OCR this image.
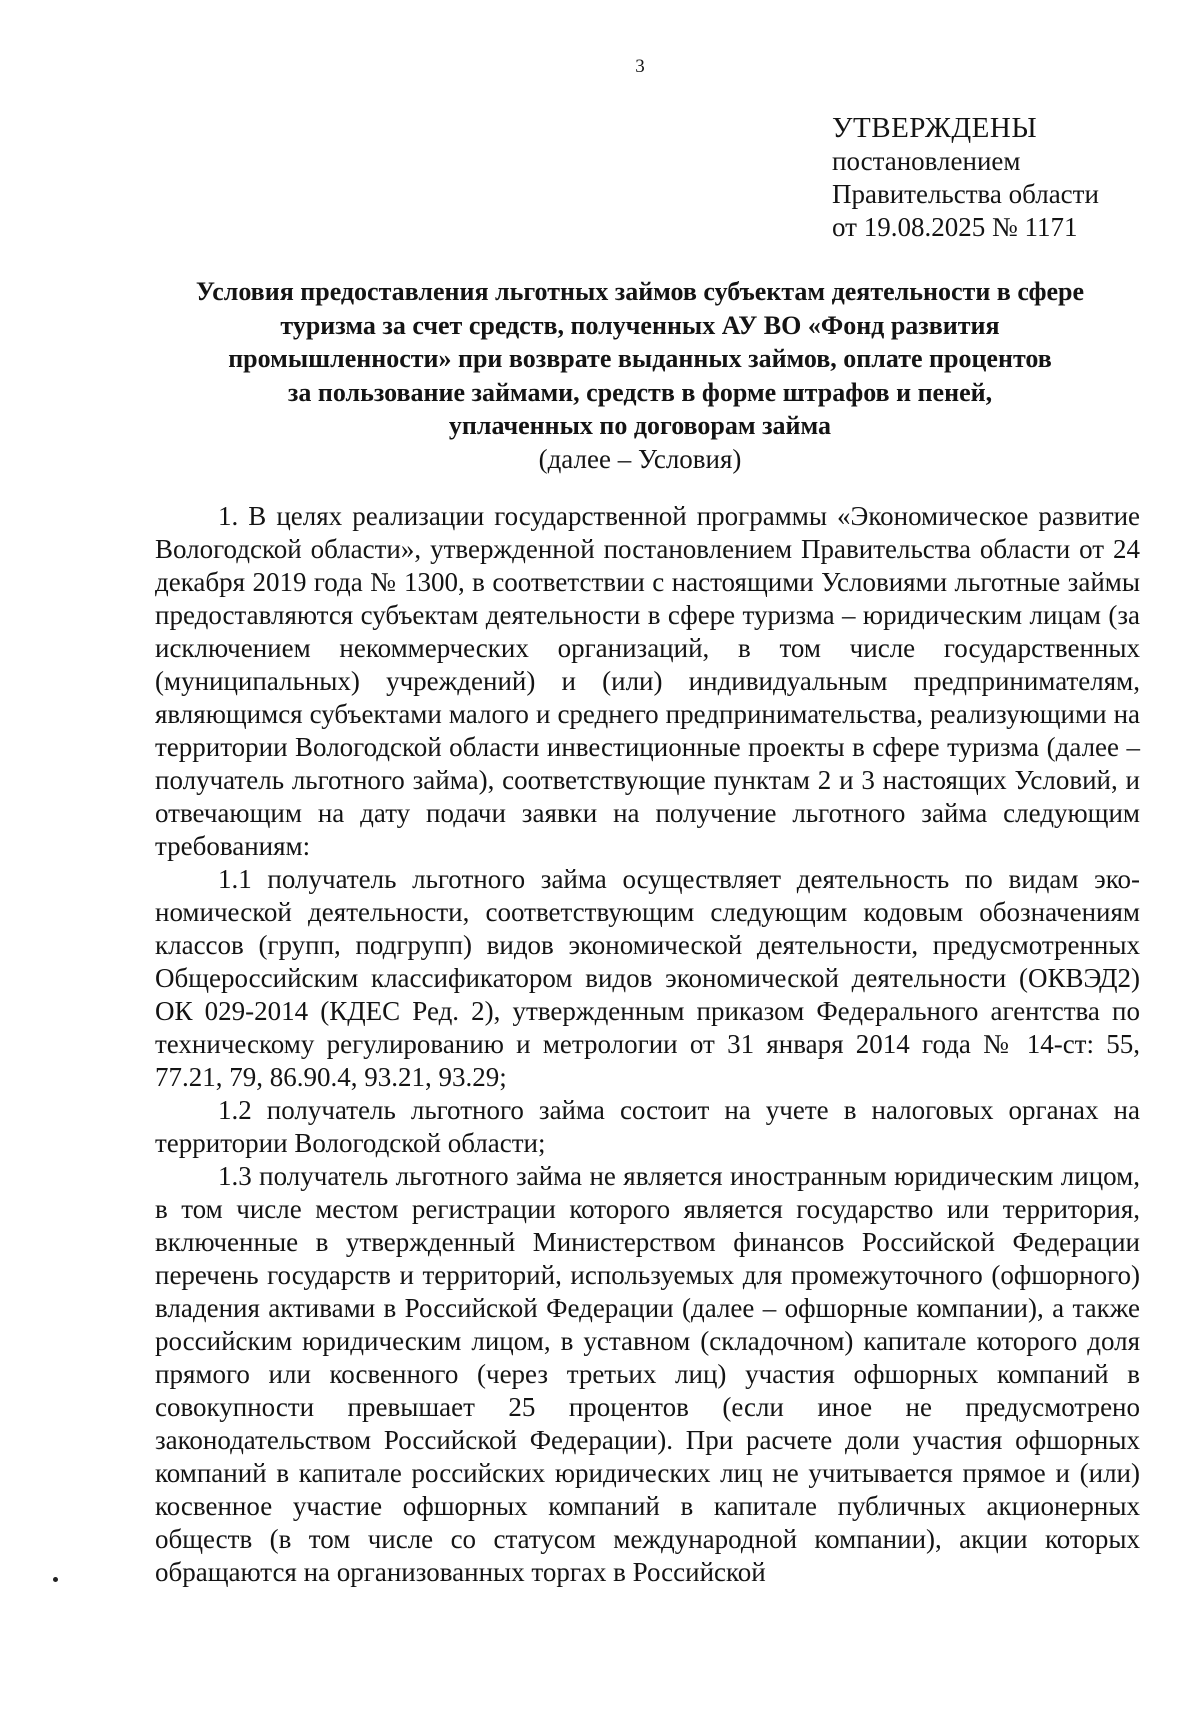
3
УТВЕРЖДЕНЫ
постановлением
Правительства области
от 19.08.2025 № 1171
Условия предоставления льготных займов субъектам деятельности в сфере
туризма за счет средств, полученных АУ ВО «Фонд развития
промышленности» при возврате выданных займов, оплате процентов
за пользование займами, средств в форме штрафов и пеней,
уплаченных по договорам займа
(далее – Условия)

1. В целях реализации государственной программы «Экономическое развитие Вологодской области», утвержденной постановлением Правительства области от 24 декабря 2019 года № 1300, в соответствии с настоящими Условиями льготные займы предоставляются субъектам деятельности в сфере туризма – юридическим лицам (за исключением некоммерческих организаций, в том числе государственных (муниципальных) учреждений) и (или) индивидуальным предпринимателям, являющимся субъектами малого и среднего предпринимательства, реализующими на территории Вологодской области инвестиционные проекты в сфере туризма (далее – получатель льготного займа), соответствующие пунктам 2 и 3 настоящих Условий, и отвечающим на дату подачи заявки на получение льготного займа следующим требованиям:

1.1 получатель льготного займа осуществляет деятельность по видам экономической деятельности, соответствующим следующим кодовым обозначениям классов (групп, подгрупп) видов экономической деятельности, предусмотренных Общероссийским классификатором видов экономической деятельности (ОКВЭД2) ОК 029-2014 (КДЕС Ред. 2), утвержденным приказом Федерального агентства по техническому регулированию и метрологии от 31 января 2014 года № 14-ст: 55, 77.21, 79, 86.90.4, 93.21, 93.29;

1.2 получатель льготного займа состоит на учете в налоговых органах на территории Вологодской области;

1.3 получатель льготного займа не является иностранным юридическим лицом, в том числе местом регистрации которого является государство или территория, включенные в утвержденный Министерством финансов Российской Федерации перечень государств и территорий, используемых для промежуточного (офшорного) владения активами в Российской Федерации (далее – офшорные компании), а также российским юридическим лицом, в уставном (складочном) капитале которого доля прямого или косвенного (через третьих лиц) участия офшорных компаний в совокупности превышает 25 процентов (если иное не предусмотрено законодательством Российской Федерации). При расчете доли участия офшорных компаний в капитале российских юридических лиц не учитывается прямое и (или) косвенное участие офшорных компаний в капитале публичных акционерных обществ (в том числе со статусом международной компании), акции которых обращаются на организованных торгах в Российской
